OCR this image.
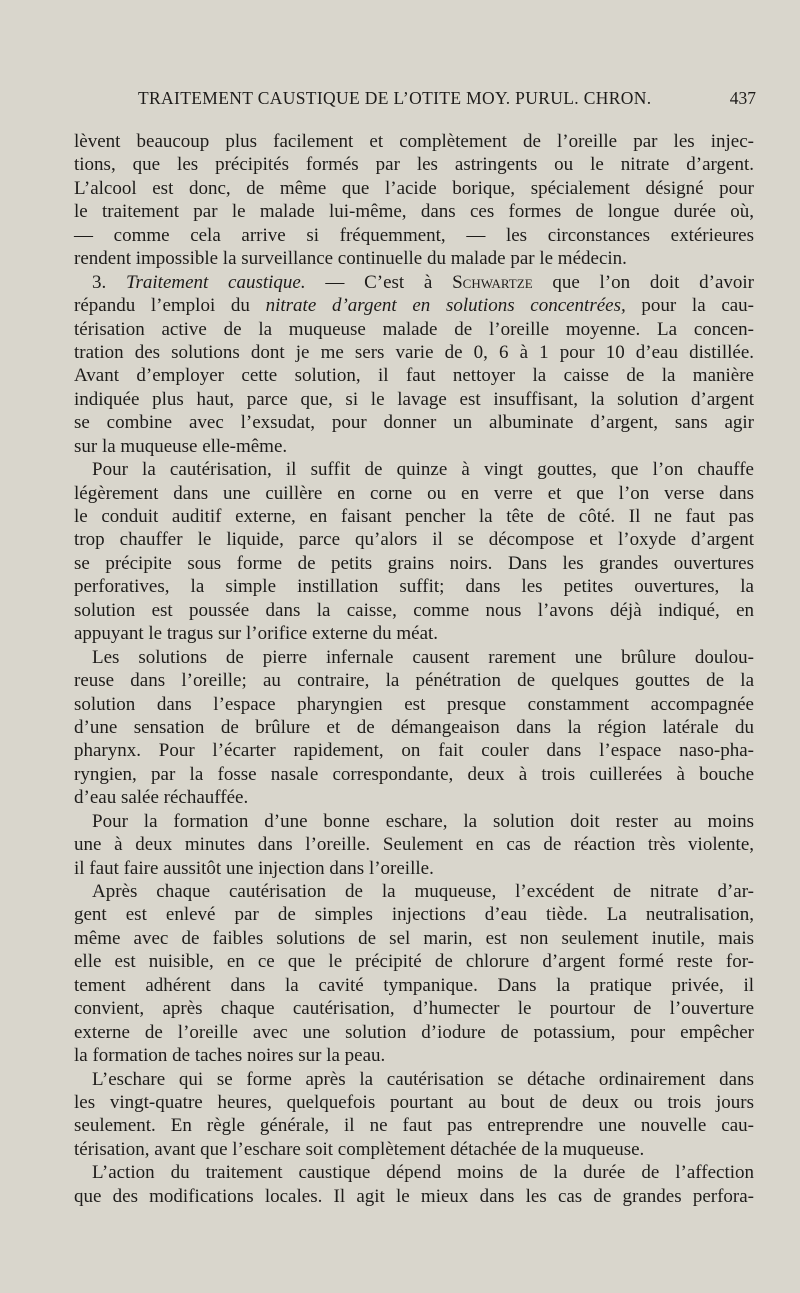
TRAITEMENT CAUSTIQUE DE L’OTITE MOY. PURUL. CHRON.	437
lèvent beaucoup plus facilement et complètement de l’oreille par les injec-
tions, que les précipités formés par les astringents ou le nitrate d’argent.
L’alcool est donc, de même que l’acide borique, spécialement désigné pour
le traitement par le malade lui-même, dans ces formes de longue durée où,
— comme cela arrive si fréquemment, — les circonstances extérieures
rendent impossible la surveillance continuelle du malade par le médecin.
3. Traitement caustique. — C’est à Schwartze que l’on doit d’avoir
répandu l’emploi du nitrate d’argent en solutions concentrées, pour la cau-
térisation active de la muqueuse malade de l’oreille moyenne. La concen-
tration des solutions dont je me sers varie de 0, 6 à 1 pour 10 d’eau distillée.
Avant d’employer cette solution, il faut nettoyer la caisse de la manière
indiquée plus haut, parce que, si le lavage est insuffisant, la solution d’argent
se combine avec l’exsudat, pour donner un albuminate d’argent, sans agir
sur la muqueuse elle-même.
Pour la cautérisation, il suffit de quinze à vingt gouttes, que l’on chauffe
légèrement dans une cuillère en corne ou en verre et que l’on verse dans
le conduit auditif externe, en faisant pencher la tête de côté. Il ne faut pas
trop chauffer le liquide, parce qu’alors il se décompose et l’oxyde d’argent
se précipite sous forme de petits grains noirs. Dans les grandes ouvertures
perforatives, la simple instillation suffit; dans les petites ouvertures, la
solution est poussée dans la caisse, comme nous l’avons déjà indiqué, en
appuyant le tragus sur l’orifice externe du méat.
Les solutions de pierre infernale causent rarement une brûlure doulou-
reuse dans l’oreille; au contraire, la pénétration de quelques gouttes de la
solution dans l’espace pharyngien est presque constamment accompagnée
d’une sensation de brûlure et de démangeaison dans la région latérale du
pharynx. Pour l’écarter rapidement, on fait couler dans l’espace naso-pha-
ryngien, par la fosse nasale correspondante, deux à trois cuillerées à bouche
d’eau salée réchauffée.
Pour la formation d’une bonne eschare, la solution doit rester au moins
une à deux minutes dans l’oreille. Seulement en cas de réaction très violente,
il faut faire aussitôt une injection dans l’oreille.
Après chaque cautérisation de la muqueuse, l’excédent de nitrate d’ar-
gent est enlevé par de simples injections d’eau tiède. La neutralisation,
même avec de faibles solutions de sel marin, est non seulement inutile, mais
elle est nuisible, en ce que le précipité de chlorure d’argent formé reste for-
tement adhérent dans la cavité tympanique. Dans la pratique privée, il
convient, après chaque cautérisation, d’humecter le pourtour de l’ouverture
externe de l’oreille avec une solution d’iodure de potassium, pour empêcher
la formation de taches noires sur la peau.
L’eschare qui se forme après la cautérisation se détache ordinairement dans
les vingt-quatre heures, quelquefois pourtant au bout de deux ou trois jours
seulement. En règle générale, il ne faut pas entreprendre une nouvelle cau-
térisation, avant que l’eschare soit complètement détachée de la muqueuse.
L’action du traitement caustique dépend moins de la durée de l’affection
que des modifications locales. Il agit le mieux dans les cas de grandes perfora-
